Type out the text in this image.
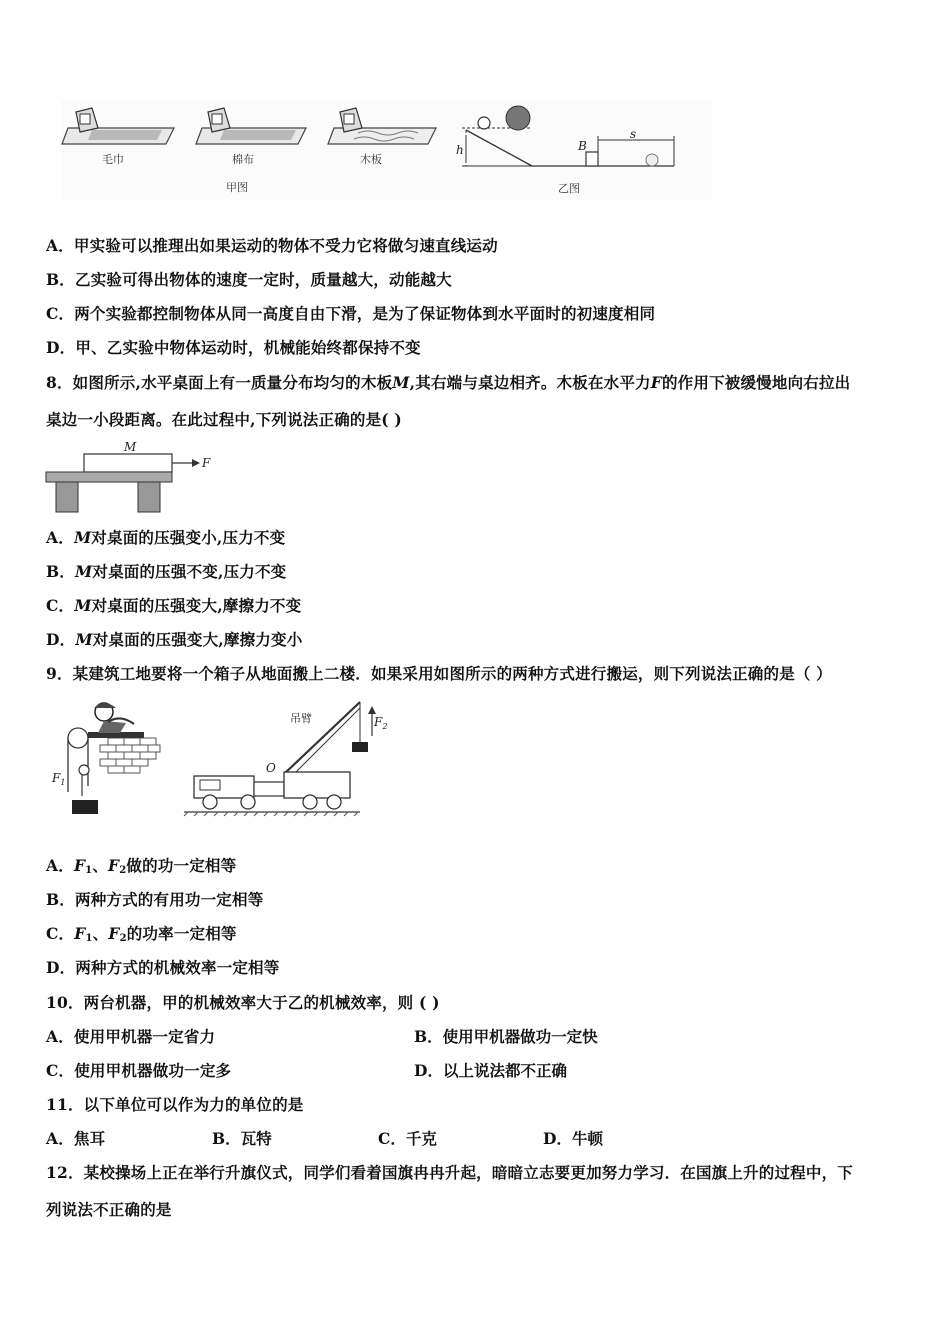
毛巾	棉布	木板
甲图
h	B
s
乙图
A．甲实验可以推理出如果运动的物体不受力它将做匀速直线运动
B．乙实验可得出物体的速度一定时，质量越大，动能越大
C．两个实验都控制物体从同一高度自由下滑，是为了保证物体到水平面时的初速度相同
D．甲、乙实验中物体运动时，机械能始终都保持不变
8．如图所示,水平桌面上有一质量分布均匀的木板M,其右端与桌边相齐。木板在水平力F的作用下被缓慢地向右拉出
桌边一小段距离。在此过程中,下列说法正确的是( )
M
F
A．M对桌面的压强变小,压力不变
B．M对桌面的压强不变,压力不变
C．M对桌面的压强变大,摩擦力不变
D．M对桌面的压强变大,摩擦力变小
9．某建筑工地要将一个箱子从地面搬上二楼．如果采用如图所示的两种方式进行搬运，则下列说法正确的是（ ）
$F_1$
吊臂	$F_2$
O
A．$F_1$、$F_2$做的功一定相等
B．两种方式的有用功一定相等
C．$F_1$、$F_2$的功率一定相等
D．两种方式的机械效率一定相等
10．两台机器，甲的机械效率大于乙的机械效率，则 ( )
A．使用甲机器一定省力	B．使用甲机器做功一定快
C．使用甲机器做功一定多	D．以上说法都不正确
11．以下单位可以作为力的单位的是
A．焦耳	B．瓦特	C．千克	D．牛顿
12．某校操场上正在举行升旗仪式，同学们看着国旗冉冉升起，暗暗立志要更加努力学习．在国旗上升的过程中，下
列说法不正确的是
